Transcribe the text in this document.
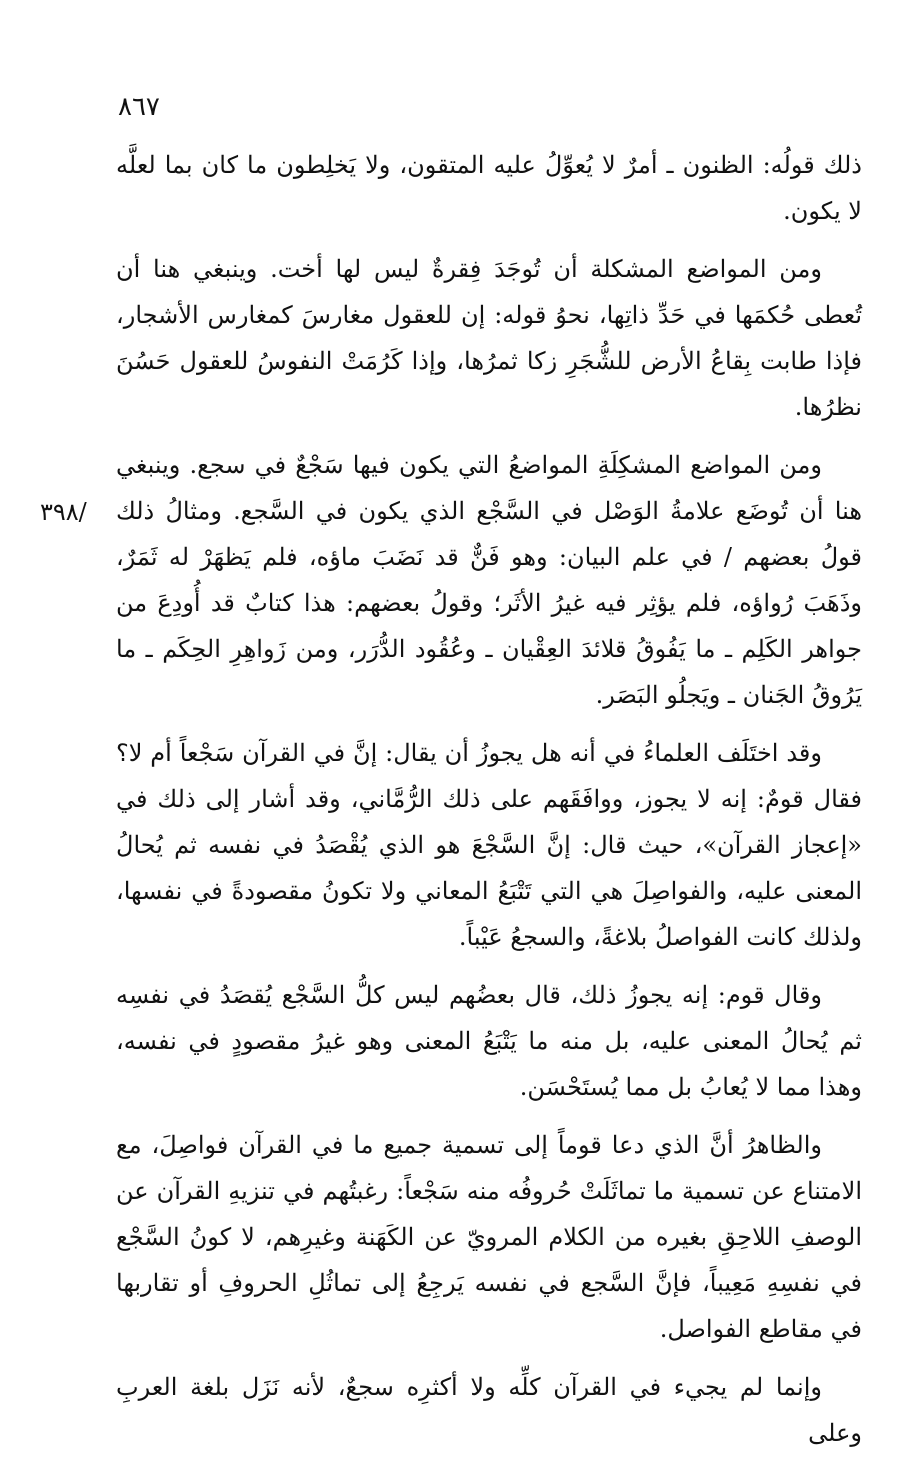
٨٦٧
/٣٩٨

ذلك قولُه: الظنون ـ أمرٌ لا يُعوِّلُ عليه المتقون، ولا يَخلِطون ما كان بما لعلَّه لا يكون.

ومن المواضع المشكلة أن تُوجَدَ فِقرةٌ ليس لها أخت. وينبغي هنا أن تُعطى حُكمَها في حَدِّ ذاتِها، نحوُ قوله: إن للعقول مغارسَ كمغارس الأشجار، فإذا طابت بِقاعُ الأرض للشُّجَرِ زكا ثمرُها، وإذا كَرُمَتْ النفوسُ للعقول حَسُنَ نظرُها.

ومن المواضع المشكِلَةِ المواضعُ التي يكون فيها سَجْعٌ في سجع. وينبغي هنا أن تُوضَع علامةُ الوَصْل في السَّجْع الذي يكون في السَّجع. ومثالُ ذلك قولُ بعضهم / في علم البيان: وهو فَنٌّ قد نَضَبَ ماؤه، فلم يَظهَرْ له ثَمَرٌ، وذَهَبَ رُواؤه، فلم يؤثِر فيه غيرُ الأثَر؛ وقولُ بعضهم: هذا كتابٌ قد أُودِعَ من جواهر الكَلِم ـ ما يَفُوقُ قلائدَ العِقْيان ـ وعُقُود الدُّرَر، ومن زَواهِرِ الحِكَم ـ ما يَرُوقُ الجَنان ـ ويَجلُو البَصَر.

وقد اختَلَف العلماءُ في أنه هل يجوزُ أن يقال: إنَّ في القرآن سَجْعاً أم لا؟ فقال قومٌ: إنه لا يجوز، ووافَقَهم على ذلك الرُّمَّاني، وقد أشار إلى ذلك في «إعجاز القرآن»، حيث قال: إنَّ السَّجْعَ هو الذي يُقْصَدُ في نفسه ثم يُحالُ المعنى عليه، والفواصِلَ هي التي تَتْبَعُ المعاني ولا تكونُ مقصودةً في نفسها، ولذلك كانت الفواصلُ بلاغةً، والسجعُ عَيْباً.

وقال قوم: إنه يجوزُ ذلك، قال بعضُهم ليس كلُّ السَّجْع يُقصَدُ في نفسِه ثم يُحالُ المعنى عليه، بل منه ما يَتْبَعُ المعنى وهو غيرُ مقصودٍ في نفسه، وهذا مما لا يُعابُ بل مما يُستَحْسَن.

والظاهرُ أنَّ الذي دعا قوماً إلى تسمية جميع ما في القرآن فواصِلَ، مع الامتناع عن تسمية ما تماثَلَتْ حُروفُه منه سَجْعاً: رغبتُهم في تنزيهِ القرآن عن الوصفِ اللاحِقِ بغيره من الكلام المرويّ عن الكَهَنة وغيرِهم، لا كونُ السَّجْع في نفسِهِ مَعِيباً، فإنَّ السَّجع في نفسه يَرجِعُ إلى تماثُلِ الحروفِ أو تقاربها في مقاطع الفواصل.

وإنما لم يجيء في القرآن كلِّه ولا أكثرِه سجعٌ، لأنه نَزَل بلغة العربِ وعلى
